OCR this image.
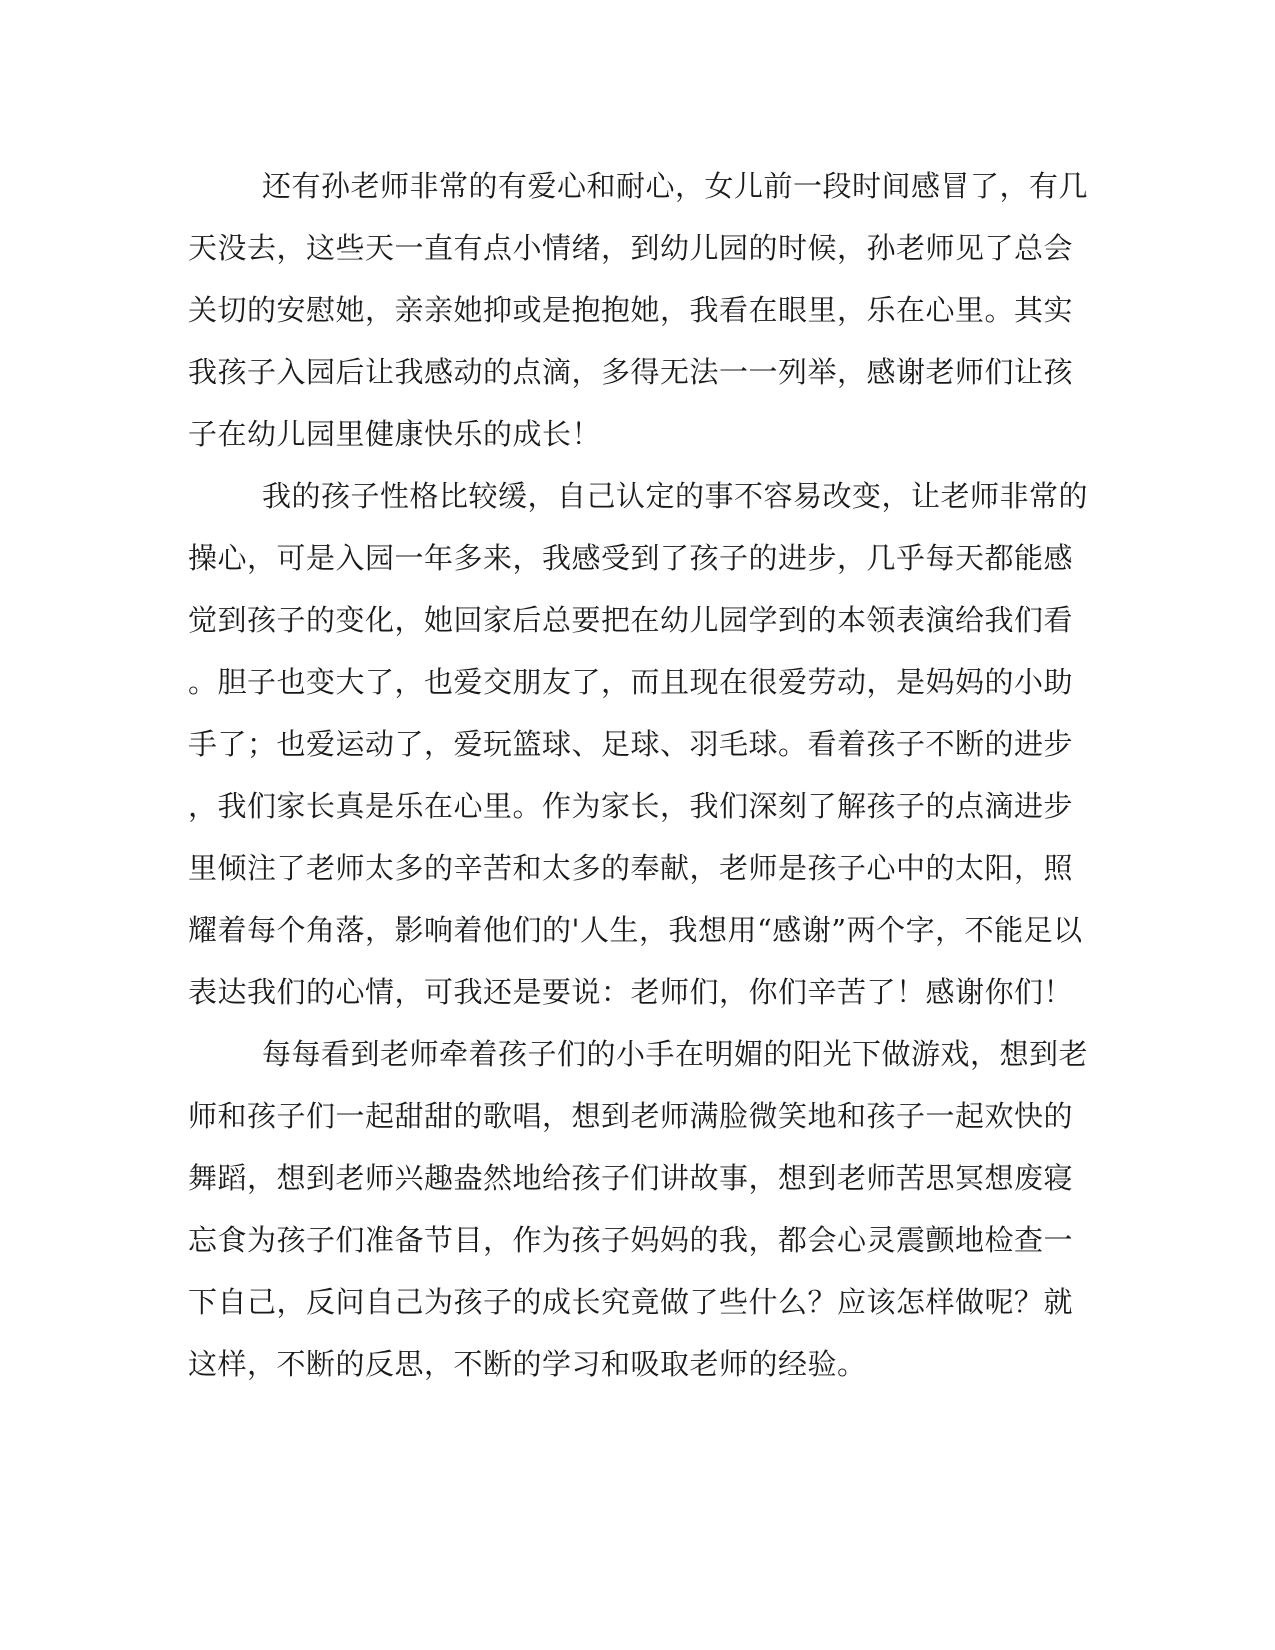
还有孙老师非常的有爱心和耐心，女儿前一段时间感冒了，有几
天没去，这些天一直有点小情绪，到幼儿园的时候，孙老师见了总会
关切的安慰她，亲亲她抑或是抱抱她，我看在眼里，乐在心里。其实
我孩子入园后让我感动的点滴，多得无法一一列举，感谢老师们让孩
子在幼儿园里健康快乐的成长！
我的孩子性格比较缓，自己认定的事不容易改变，让老师非常的
操心，可是入园一年多来，我感受到了孩子的进步，几乎每天都能感
觉到孩子的变化，她回家后总要把在幼儿园学到的本领表演给我们看
。胆子也变大了，也爱交朋友了，而且现在很爱劳动，是妈妈的小助
手了；也爱运动了，爱玩篮球、足球、羽毛球。看着孩子不断的进步
，我们家长真是乐在心里。作为家长，我们深刻了解孩子的点滴进步
里倾注了老师太多的辛苦和太多的奉献，老师是孩子心中的太阳，照
耀着每个角落，影响着他们的'人生，我想用“感谢”两个字，不能足以
表达我们的心情，可我还是要说：老师们，你们辛苦了！感谢你们！
每每看到老师牵着孩子们的小手在明媚的阳光下做游戏，想到老
师和孩子们一起甜甜的歌唱，想到老师满脸微笑地和孩子一起欢快的
舞蹈，想到老师兴趣盎然地给孩子们讲故事，想到老师苦思冥想废寝
忘食为孩子们准备节目，作为孩子妈妈的我，都会心灵震颤地检查一
下自己，反问自己为孩子的成长究竟做了些什么？应该怎样做呢？就
这样，不断的反思，不断的学习和吸取老师的经验。
